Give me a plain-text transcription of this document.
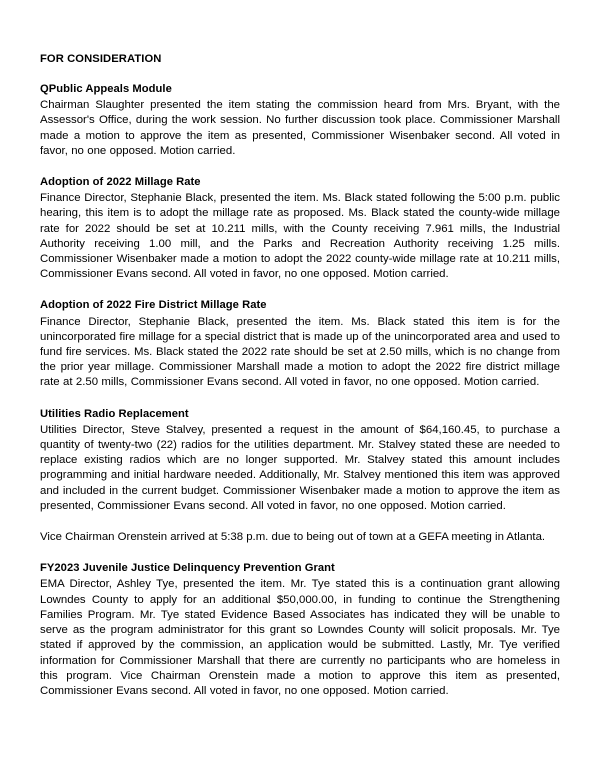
FOR CONSIDERATION
QPublic Appeals Module

Chairman Slaughter presented the item stating the commission heard from Mrs. Bryant, with the Assessor's Office, during the work session. No further discussion took place. Commissioner Marshall made a motion to approve the item as presented, Commissioner Wisenbaker second. All voted in favor, no one opposed. Motion carried.

Adoption of 2022 Millage Rate

Finance Director, Stephanie Black, presented the item. Ms. Black stated following the 5:00 p.m. public hearing, this item is to adopt the millage rate as proposed. Ms. Black stated the county-wide millage rate for 2022 should be set at 10.211 mills, with the County receiving 7.961 mills, the Industrial Authority receiving 1.00 mill, and the Parks and Recreation Authority receiving 1.25 mills. Commissioner Wisenbaker made a motion to adopt the 2022 county-wide millage rate at 10.211 mills, Commissioner Evans second. All voted in favor, no one opposed. Motion carried.

Adoption of 2022 Fire District Millage Rate

Finance Director, Stephanie Black, presented the item. Ms. Black stated this item is for the unincorporated fire millage for a special district that is made up of the unincorporated area and used to fund fire services. Ms. Black stated the 2022 rate should be set at 2.50 mills, which is no change from the prior year millage. Commissioner Marshall made a motion to adopt the 2022 fire district millage rate at 2.50 mills, Commissioner Evans second. All voted in favor, no one opposed. Motion carried.

Utilities Radio Replacement

Utilities Director, Steve Stalvey, presented a request in the amount of $64,160.45, to purchase a quantity of twenty-two (22) radios for the utilities department. Mr. Stalvey stated these are needed to replace existing radios which are no longer supported. Mr. Stalvey stated this amount includes programming and initial hardware needed. Additionally, Mr. Stalvey mentioned this item was approved and included in the current budget. Commissioner Wisenbaker made a motion to approve the item as presented, Commissioner Evans second. All voted in favor, no one opposed. Motion carried.

Vice Chairman Orenstein arrived at 5:38 p.m. due to being out of town at a GEFA meeting in Atlanta.

FY2023 Juvenile Justice Delinquency Prevention Grant

EMA Director, Ashley Tye, presented the item. Mr. Tye stated this is a continuation grant allowing Lowndes County to apply for an additional $50,000.00, in funding to continue the Strengthening Families Program. Mr. Tye stated Evidence Based Associates has indicated they will be unable to serve as the program administrator for this grant so Lowndes County will solicit proposals. Mr. Tye stated if approved by the commission, an application would be submitted. Lastly, Mr. Tye verified information for Commissioner Marshall that there are currently no participants who are homeless in this program. Vice Chairman Orenstein made a motion to approve this item as presented, Commissioner Evans second. All voted in favor, no one opposed. Motion carried.
